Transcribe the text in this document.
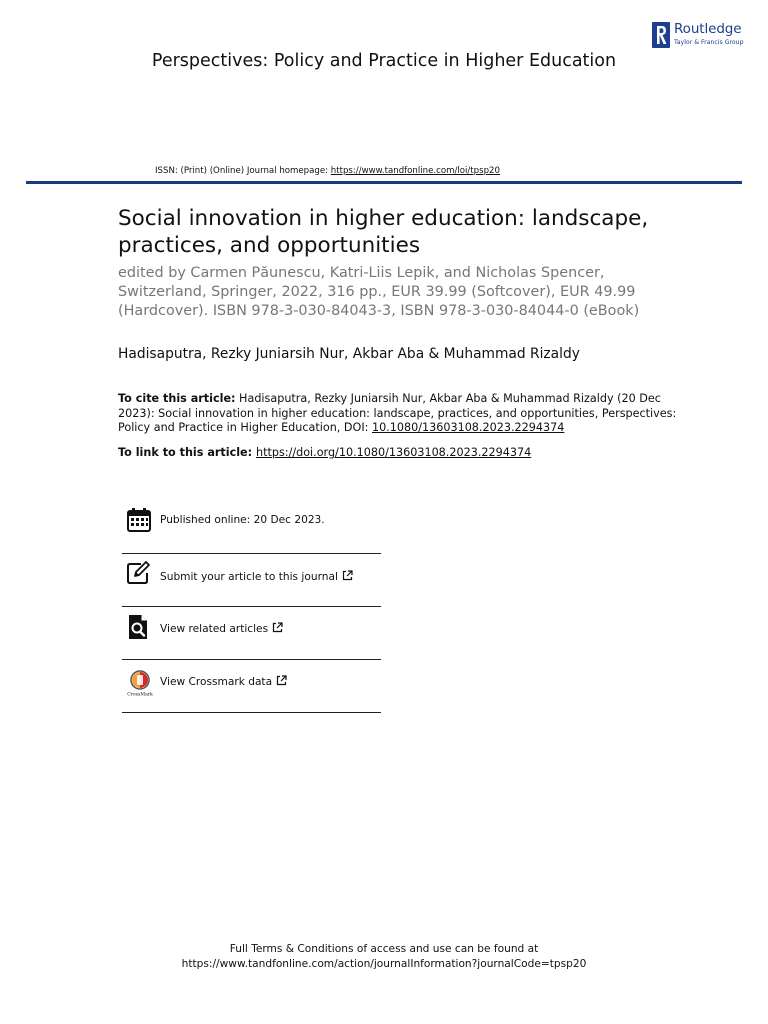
Routledge
Taylor & Francis Group
Perspectives: Policy and Practice in Higher Education
ISSN: (Print) (Online) Journal homepage: https://www.tandfonline.com/loi/tpsp20
Social innovation in higher education: landscape, practices, and opportunities
edited by Carmen Păunescu, Katri-Liis Lepik, and Nicholas Spencer, Switzerland, Springer, 2022, 316 pp., EUR 39.99 (Softcover), EUR 49.99 (Hardcover). ISBN 978-3-030-84043-3, ISBN 978-3-030-84044-0 (eBook)
Hadisaputra, Rezky Juniarsih Nur, Akbar Aba & Muhammad Rizaldy
To cite this article: Hadisaputra, Rezky Juniarsih Nur, Akbar Aba & Muhammad Rizaldy (20 Dec 2023): Social innovation in higher education: landscape, practices, and opportunities, Perspectives: Policy and Practice in Higher Education, DOI: 10.1080/13603108.2023.2294374
To link to this article: https://doi.org/10.1080/13603108.2023.2294374
Published online: 20 Dec 2023.
Submit your article to this journal
View related articles
CrossMark
View Crossmark data
Full Terms & Conditions of access and use can be found at
https://www.tandfonline.com/action/journalInformation?journalCode=tpsp20
